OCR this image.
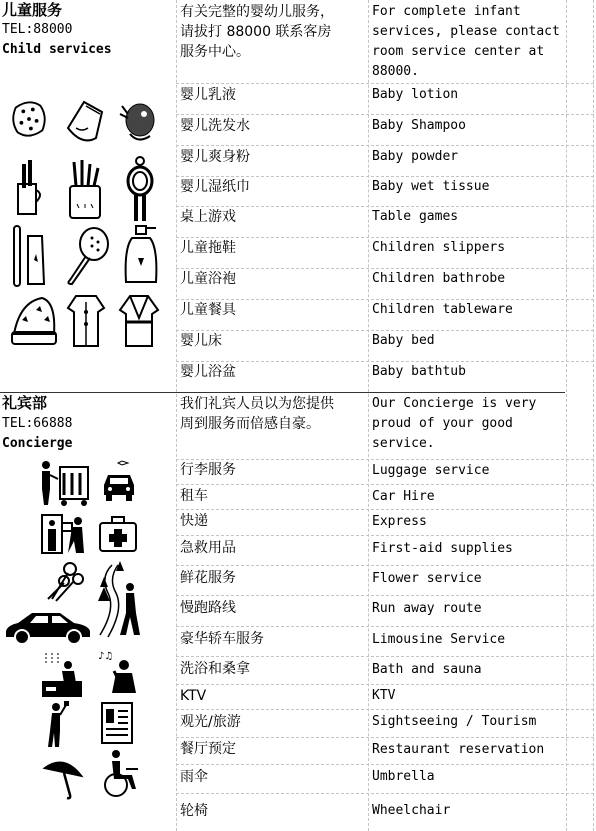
儿童服务
TEL:88000
Child services
有关完整的婴幼儿服务，请拔打 88000 联系客房服务中心。
For complete infant services, please contact room service center at 88000.
婴儿乳液	Baby lotion
婴儿洗发水	Baby Shampoo
婴儿爽身粉	Baby powder
婴儿湿纸巾	Baby wet tissue
桌上游戏	Table games
儿童拖鞋	Children slippers
儿童浴袍	Children bathrobe
儿童餐具	Children tableware
婴儿床	Baby bed
婴儿浴盆	Baby bathtub
礼宾部
TEL:66888
Concierge
♪♫
我们礼宾人员以为您提供周到服务而倍感自豪。
Our Concierge is very proud of your good service.
行李服务	Luggage service
租车	Car Hire
快递	Express
急救用品	First-aid supplies
鲜花服务	Flower service
慢跑路线	Run away route
豪华轿车服务	Limousine Service
洗浴和桑拿	Bath and sauna
KTV	KTV
观光/旅游	Sightseeing / Tourism
餐厅预定	Restaurant reservation
雨伞	Umbrella
轮椅	Wheelchair
